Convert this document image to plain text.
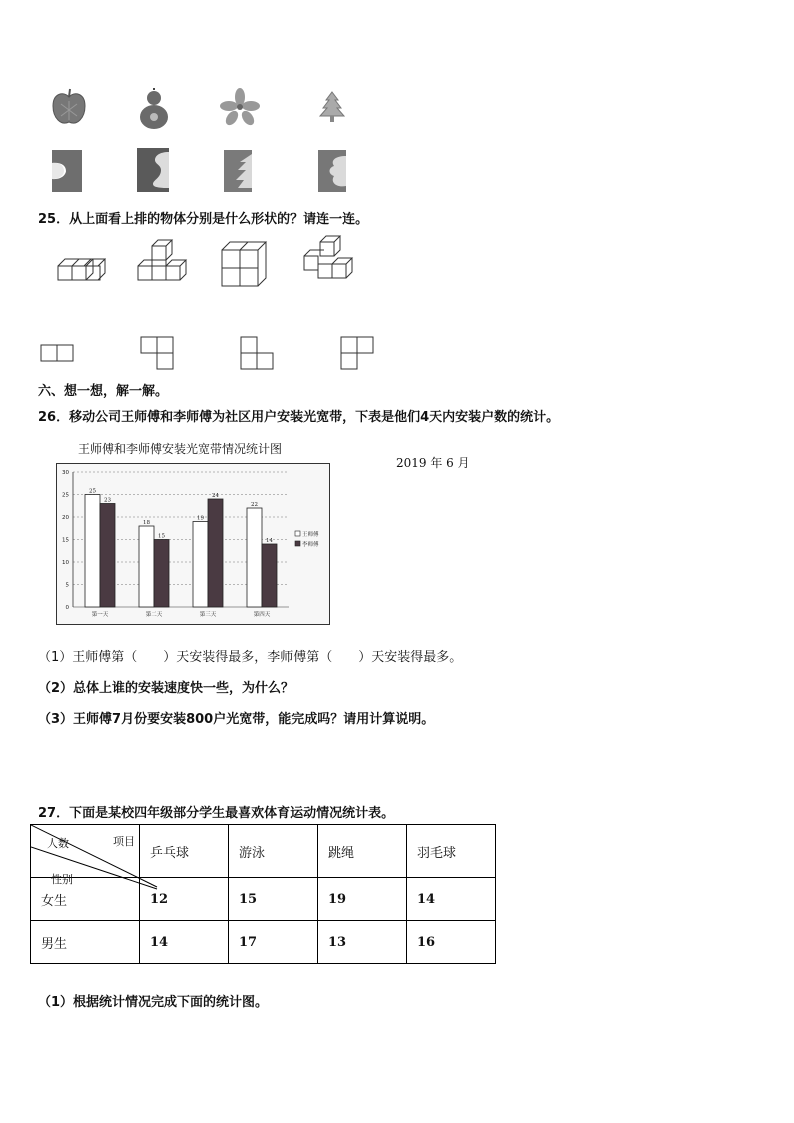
25．从上面看上排的物体分别是什么形状的？请连一连。
六、想一想，解一解。
26．移动公司王师傅和李师傅为社区用户安装光宽带，下表是他们4天内安装户数的统计。
王师傅和李师傅安装光宽带情况统计图
2019 年 6 月
0
5
10
15
20
25
30
25
23
第一天
18
15
第二天
19
24
第三天
22
14
第四天
王师傅
李师傅
（1）王师傅第（　　）天安装得最多，李师傅第（　　）天安装得最多。
（2）总体上谁的安装速度快一些，为什么？
（3）王师傅7月份要安装800户光宽带，能完成吗？请用计算说明。
27．下面是某校四年级部分学生最喜欢体育运动情况统计表。
人数 项目
性别	乒乓球	游泳	跳绳	羽毛球
女生	12	15	19	14
男生	14	17	13	16
（1）根据统计情况完成下面的统计图。
